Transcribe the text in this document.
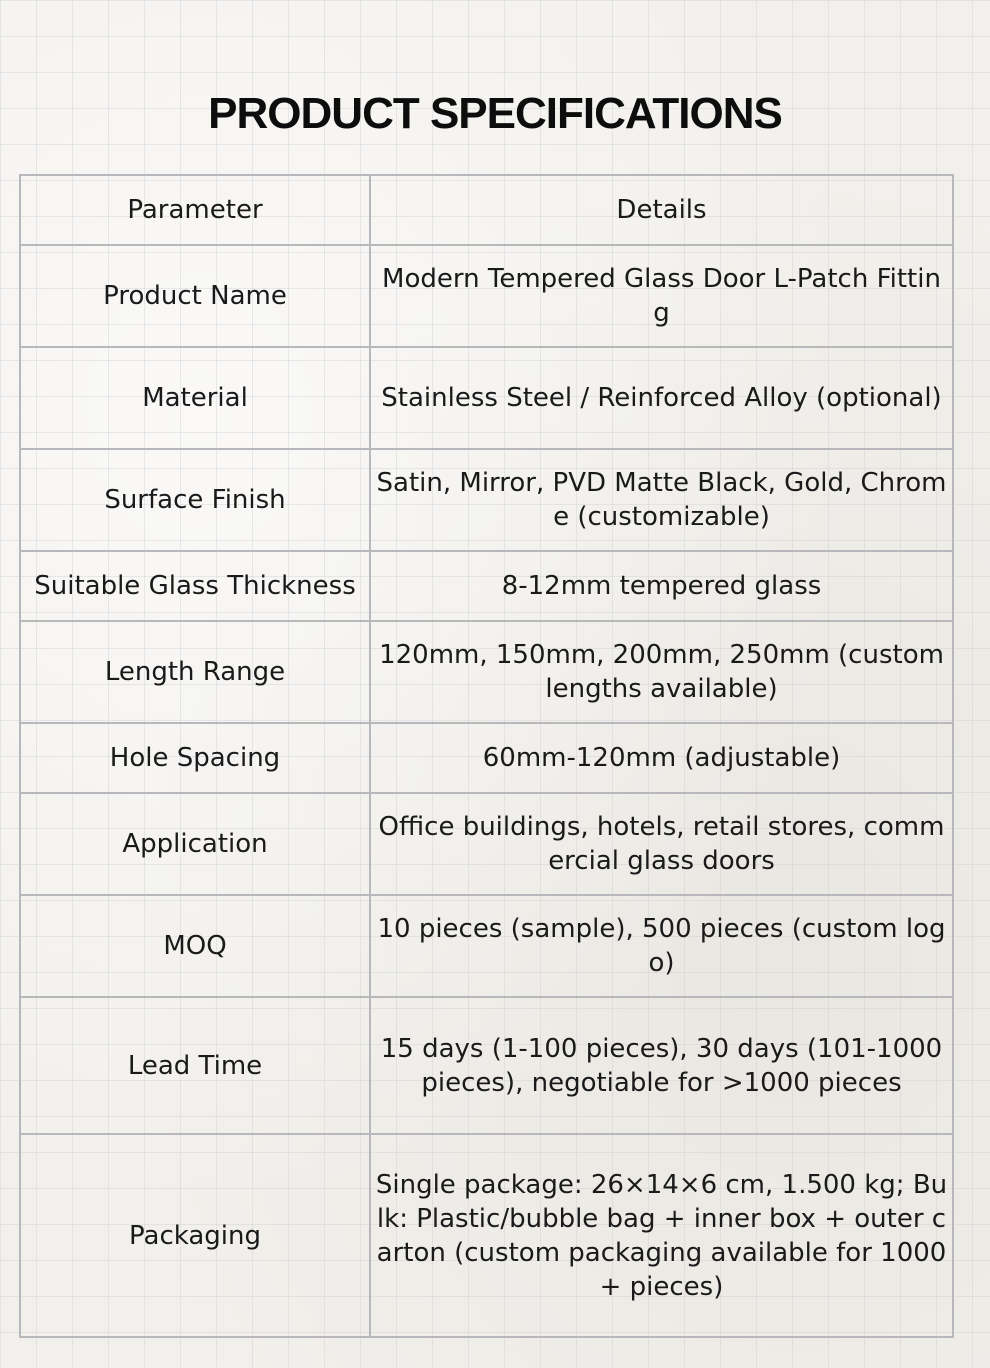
PRODUCT SPECIFICATIONS
Parameter	Details
Product Name	Modern Tempered Glass Door L-Patch Fitting
Material	Stainless Steel / Reinforced Alloy (optional)
Surface Finish	Satin, Mirror, PVD Matte Black, Gold, Chrome (customizable)
Suitable Glass Thickness	8-12mm tempered glass
Length Range	120mm, 150mm, 200mm, 250mm (custom lengths available)
Hole Spacing	60mm-120mm (adjustable)
Application	Office buildings, hotels, retail stores, commercial glass doors
MOQ	10 pieces (sample), 500 pieces (custom logo)
Lead Time	15 days (1-100 pieces), 30 days (101-1000 pieces), negotiable for >1000 pieces
Packaging	Single package: 26×14×6 cm, 1.500 kg; Bulk: Plastic/bubble bag + inner box + outer carton (custom packaging available for 1000+ pieces)
